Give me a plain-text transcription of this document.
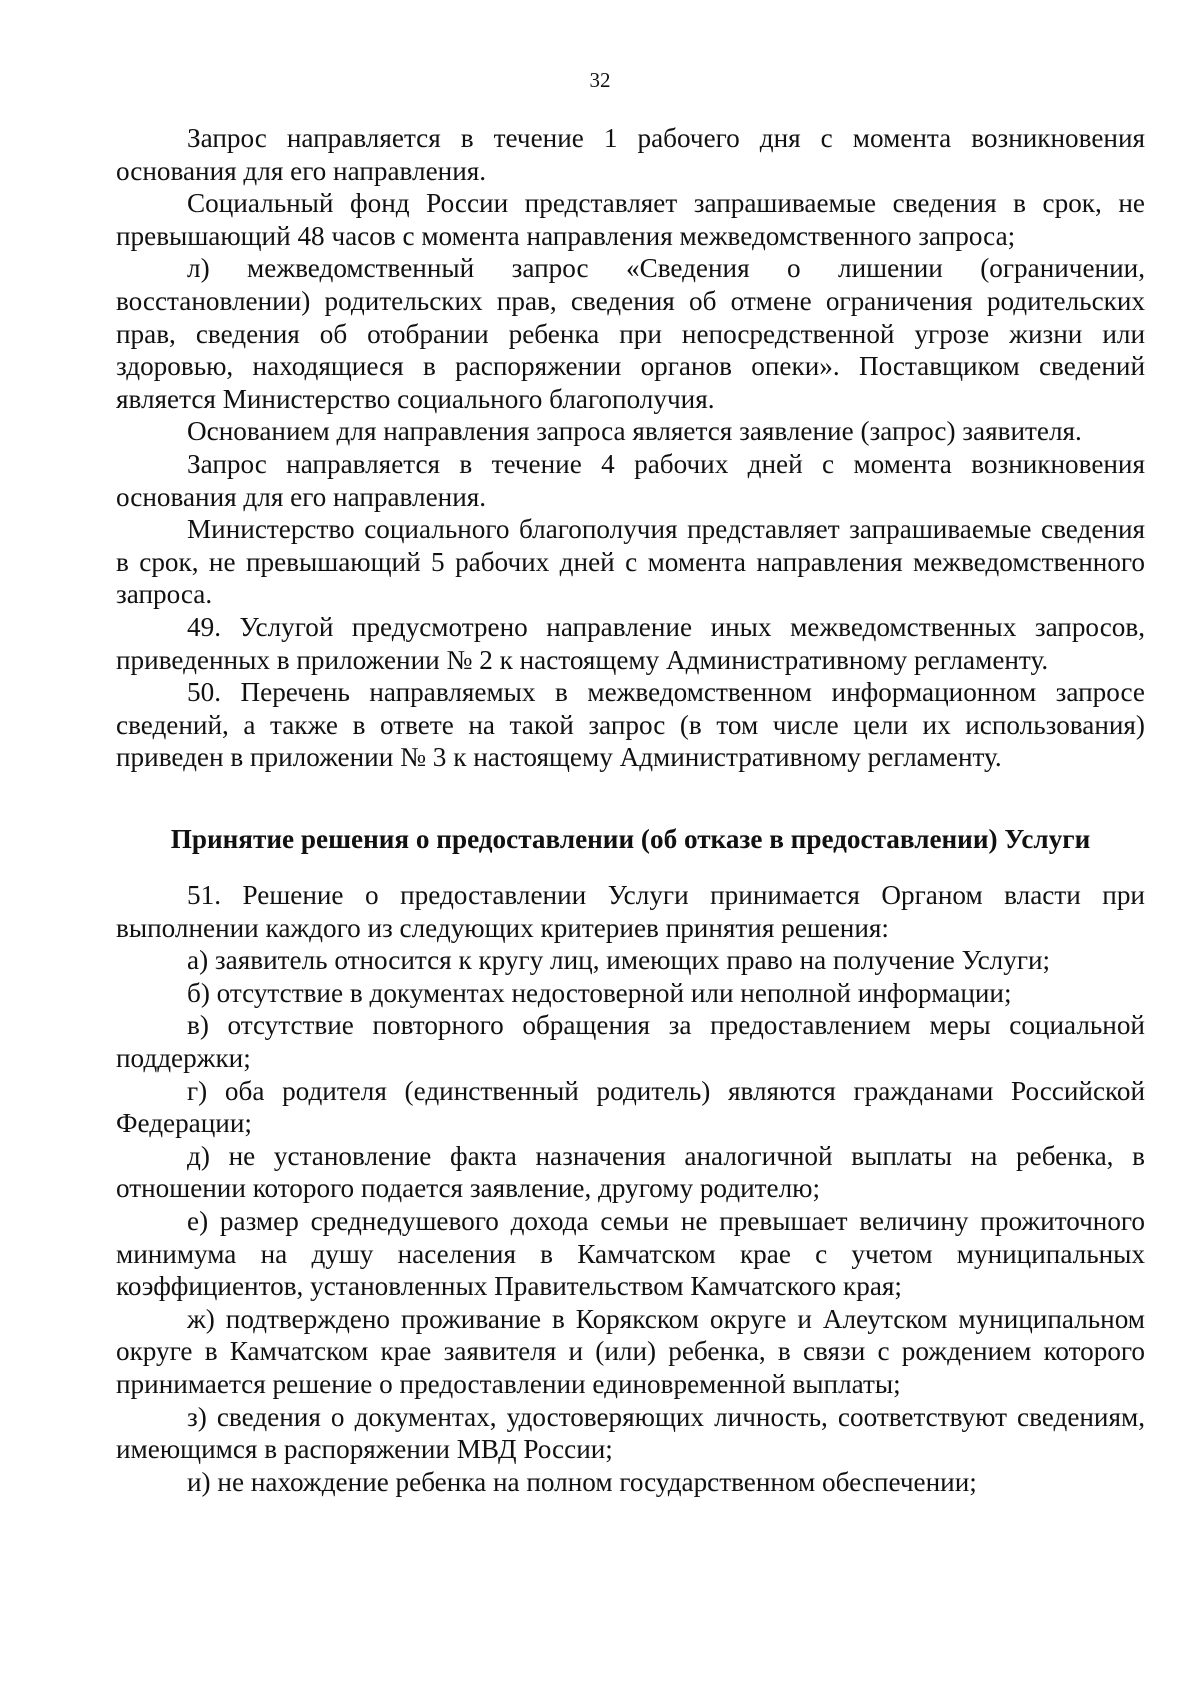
32

Запрос направляется в течение 1 рабочего дня с момента возникновения основания для его направления.

Социальный фонд России представляет запрашиваемые сведения в срок, не превышающий 48 часов с момента направления межведомственного запроса;

л) межведомственный запрос «Сведения о лишении (ограничении, восстановлении) родительских прав, сведения об отмене ограничения родительских прав, сведения об отобрании ребенка при непосредственной угрозе жизни или здоровью, находящиеся в распоряжении органов опеки». Поставщиком сведений является Министерство социального благополучия.

Основанием для направления запроса является заявление (запрос) заявителя.

Запрос направляется в течение 4 рабочих дней с момента возникновения основания для его направления.

Министерство социального благополучия представляет запрашиваемые сведения в срок, не превышающий 5 рабочих дней с момента направления межведомственного запроса.

49. Услугой предусмотрено направление иных межведомственных запросов, приведенных в приложении № 2 к настоящему Административному регламенту.

50. Перечень направляемых в межведомственном информационном запросе сведений, а также в ответе на такой запрос (в том числе цели их использования) приведен в приложении № 3 к настоящему Административному регламенту.

Принятие решения о предоставлении (об отказе в предоставлении) Услуги

51. Решение о предоставлении Услуги принимается Органом власти при выполнении каждого из следующих критериев принятия решения:

а) заявитель относится к кругу лиц, имеющих право на получение Услуги;

б) отсутствие в документах недостоверной или неполной информации;

в) отсутствие повторного обращения за предоставлением меры социальной поддержки;

г) оба родителя (единственный родитель) являются гражданами Российской Федерации;

д) не установление факта назначения аналогичной выплаты на ребенка, в отношении которого подается заявление, другому родителю;

е) размер среднедушевого дохода семьи не превышает величину прожиточного минимума на душу населения в Камчатском крае с учетом муниципальных коэффициентов, установленных Правительством Камчатского края;

ж) подтверждено проживание в Корякском округе и Алеутском муниципальном округе в Камчатском крае заявителя и (или) ребенка, в связи с рождением которого принимается решение о предоставлении единовременной выплаты;

з) сведения о документах, удостоверяющих личность, соответствуют сведениям, имеющимся в распоряжении МВД России;

и) не нахождение ребенка на полном государственном обеспечении;
